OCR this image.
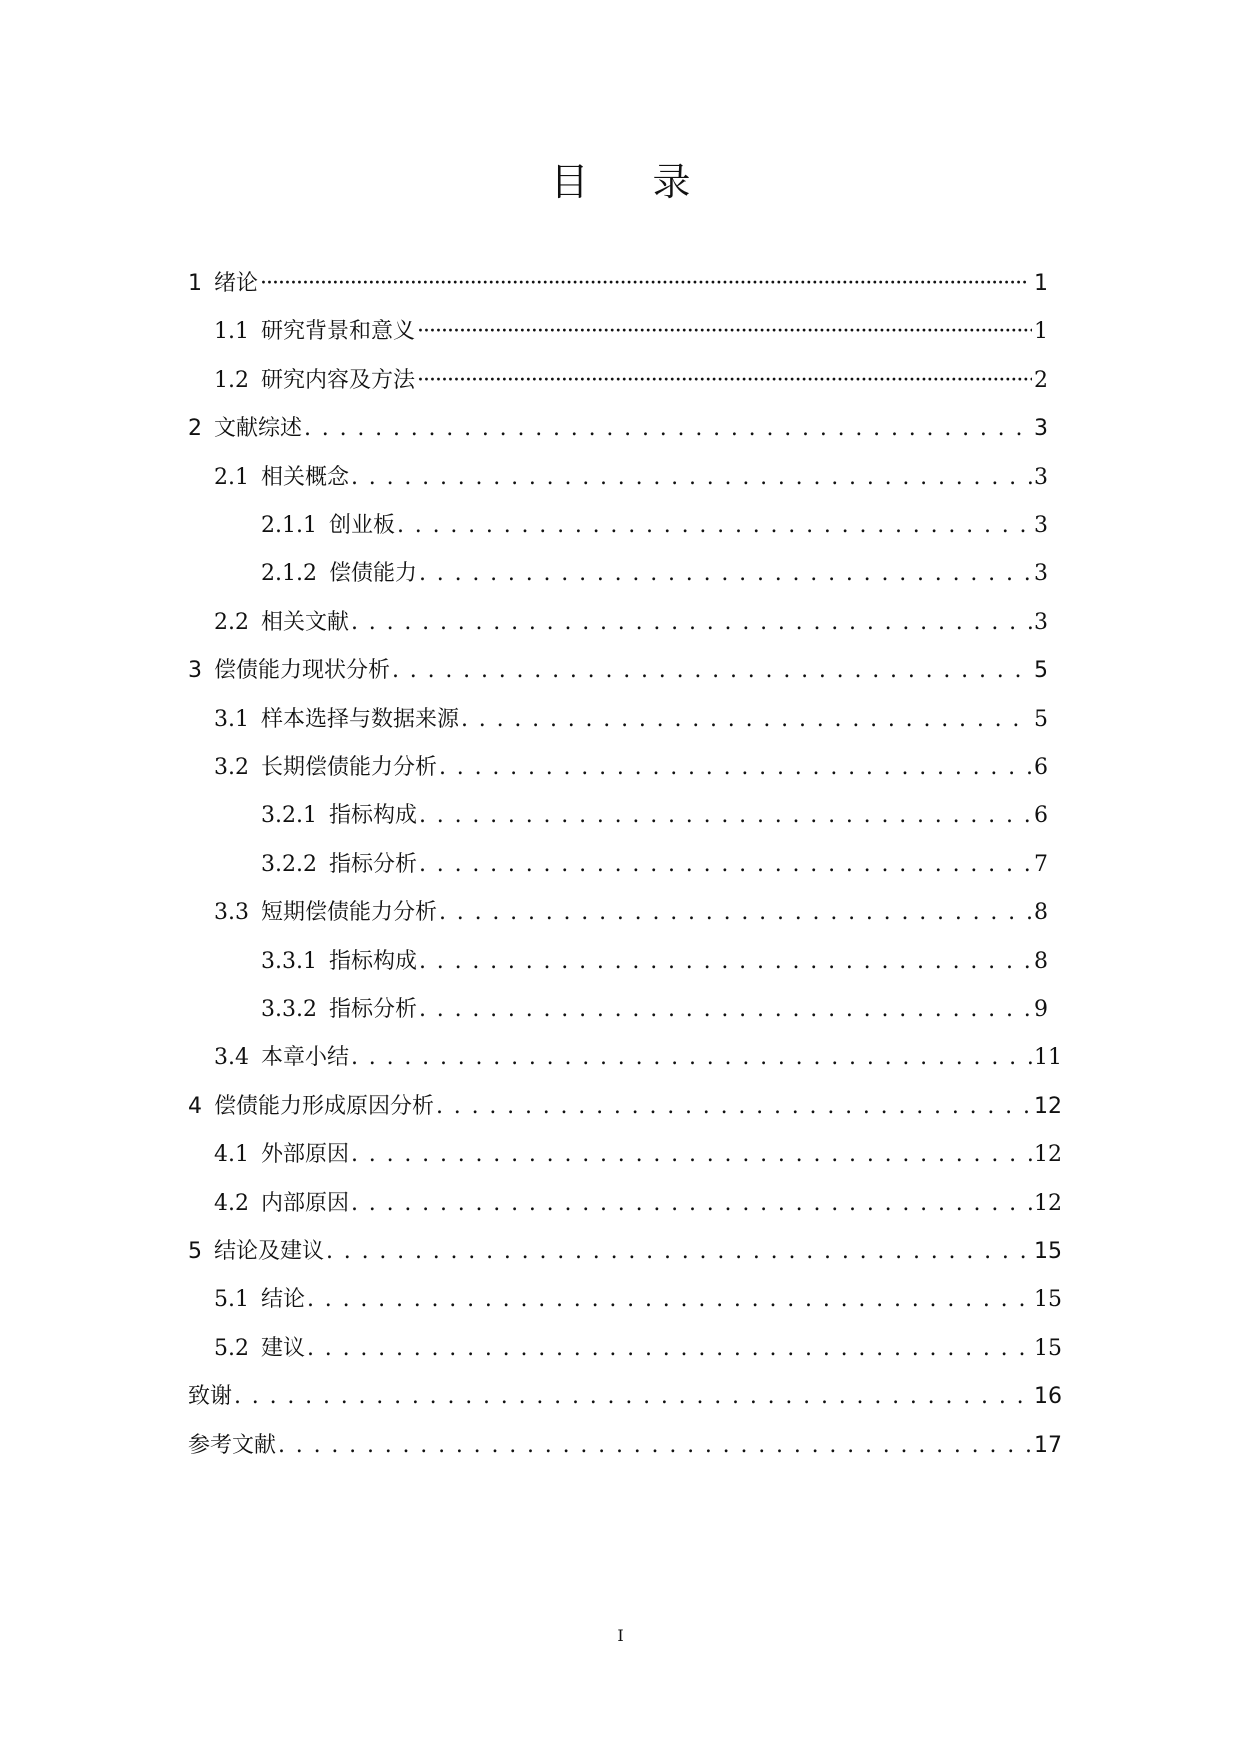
目 录
1 绪论 ·····	1
1.1 研究背景和意义 ·····	1
1.2 研究内容及方法 ·····	2
2 文献综述 . . .	3
2.1 相关概念 . . .	3
2.1.1 创业板 . . .	3
2.1.2 偿债能力 . . .	3
2.2 相关文献 . . .	3
3 偿债能力现状分析 . . .	5
3.1 样本选择与数据来源 . . .	5
3.2 长期偿债能力分析 . . .	6
3.2.1 指标构成 . . .	6
3.2.2 指标分析 . . .	7
3.3 短期偿债能力分析 . . .	8
3.3.1 指标构成 . . .	8
3.3.2 指标分析 . . .	9
3.4 本章小结 . . .	11
4 偿债能力形成原因分析 . . .	12
4.1 外部原因 . . .	12
4.2 内部原因 . . .	12
5 结论及建议 . . .	15
5.1 结论 . . .	15
5.2 建议 . . .	15
致谢 . . .	16
参考文献 . . .	17
I
